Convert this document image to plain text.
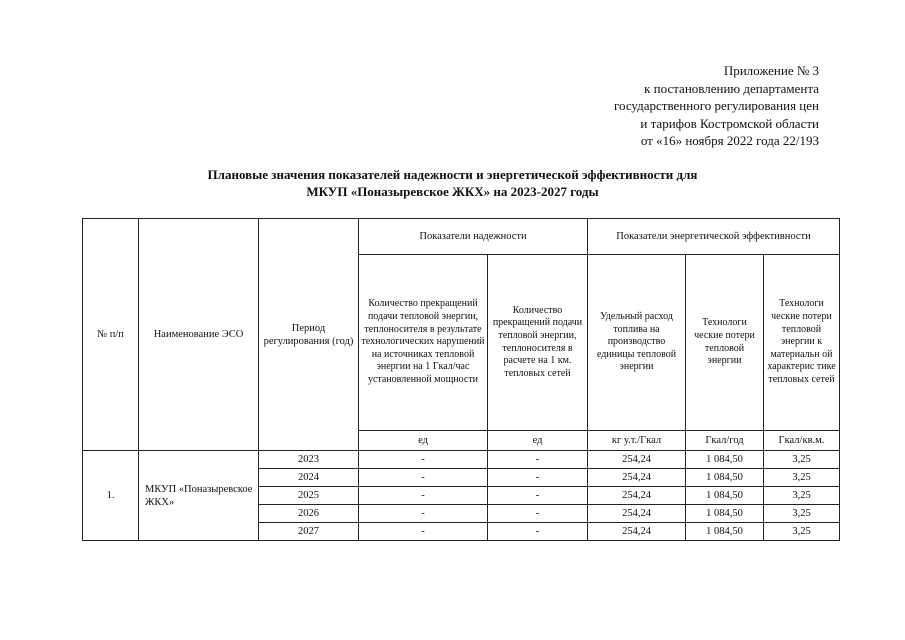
Приложение № 3
к постановлению департамента
государственного регулирования цен
и тарифов Костромской области
от «16» ноября 2022 года 22/193
Плановые значения показателей надежности и энергетической эффективности для
МКУП «Поназыревское ЖКХ» на 2023-2027 годы
№ п/п	Наименование ЭСО	Период регулирования (год)	Показатели надежности		Показатели энергетической эффективности		
			Количество прекращений подачи тепловой энергии, теплоносителя в результате технологических нарушений на источниках тепловой энергии на 1 Гкал/час установленной мощности	Количество прекращений подачи тепловой энергии, теплоносителя в расчете на 1 км. тепловых сетей	Удельный расход топлива на производство единицы тепловой энергии	Технологи ческие потери тепловой энергии	Технологи ческие потери тепловой энергии к материальн ой характерис тике тепловых сетей
			ед	ед	кг у.т./Гкал	Гкал/год	Гкал/кв.м.
1.	МКУП «Поназыревское ЖКХ»	2023	-	-	254,24	1 084,50	3,25
		2024	-	-	254,24	1 084,50	3,25
		2025	-	-	254,24	1 084,50	3,25
		2026	-	-	254,24	1 084,50	3,25
		2027	-	-	254,24	1 084,50	3,25
